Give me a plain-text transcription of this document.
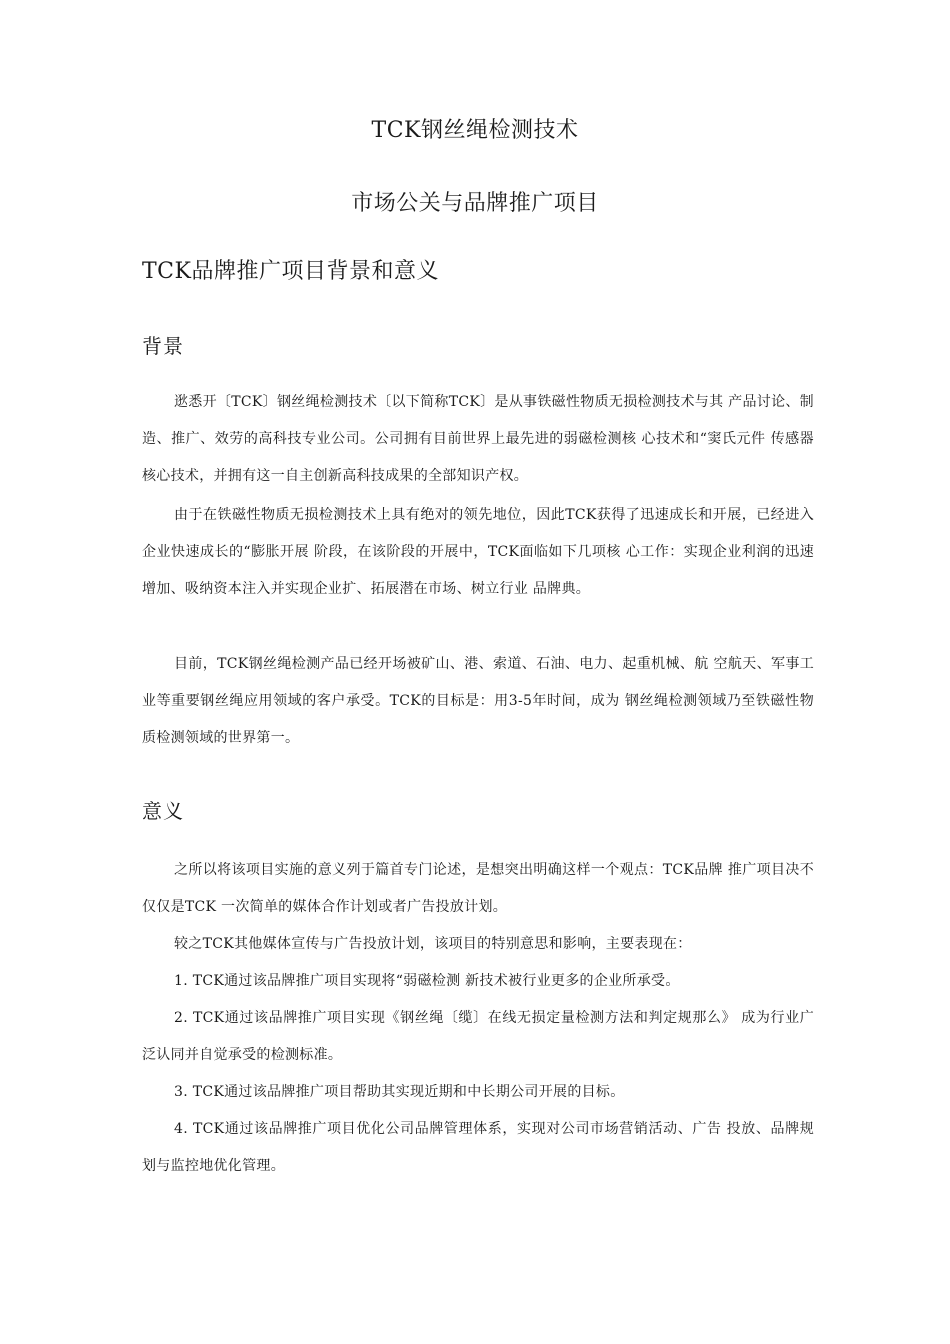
TCK钢丝绳检测技术
市场公关与品牌推广项目
TCK品牌推广项目背景和意义
背景

逖悉开〔TCK〕钢丝绳检测技术〔以下简称TCK〕是从事铁磁性物质无损检测技术与其 产品讨论、制造、推广、效劳的高科技专业公司。公司拥有目前世界上最先进的弱磁检测核 心技术和“窦氏元件 传感器核心技术，并拥有这一自主创新高科技成果的全部知识产权。

由于在铁磁性物质无损检测技术上具有绝对的领先地位，因此TCK获得了迅速成长和开展，已经进入企业快速成长的“膨胀开展 阶段，在该阶段的开展中，TCK面临如下几项核 心工作：实现企业利润的迅速增加、吸纳资本注入并实现企业扩、拓展潜在市场、树立行业 品牌典。

目前，TCK钢丝绳检测产品已经开场被矿山、港、索道、石油、电力、起重机械、航 空航天、军事工业等重要钢丝绳应用领域的客户承受。TCK的目标是：用3-5年时间，成为 钢丝绳检测领域乃至铁磁性物质检测领域的世界第一。

意义

之所以将该项目实施的意义列于篇首专门论述，是想突出明确这样一个观点：TCK品牌 推广项目决不仅仅是TCK 一次简单的媒体合作计划或者广告投放计划。

较之TCK其他媒体宣传与广告投放计划，该项目的特别意思和影响，主要表现在：

1. TCK通过该品牌推广项目实现将“弱磁检测 新技术被行业更多的企业所承受。
2. TCK通过该品牌推广项目实现《钢丝绳〔缆〕在线无损定量检测方法和判定规那么》 成为行业广泛认同并自觉承受的检测标准。
3. TCK通过该品牌推广项目帮助其实现近期和中长期公司开展的目标。
4. TCK通过该品牌推广项目优化公司品牌管理体系，实现对公司市场营销活动、广告 投放、品牌规划与监控地优化管理。
